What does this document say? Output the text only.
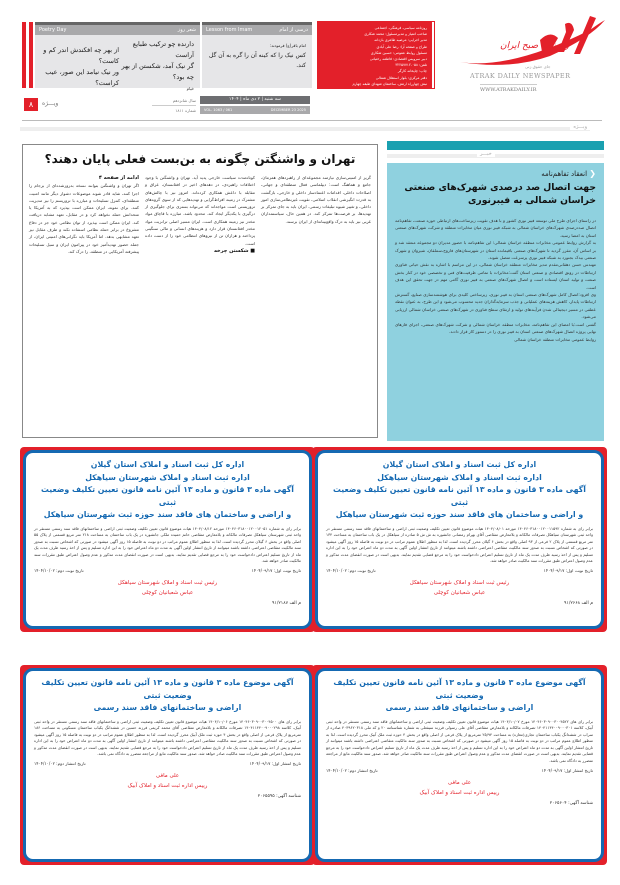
Poetry Day	شعر روز
دارنده چو ترکیب طبایع آراست
گر نیک آمد، شکستن از بهر چه بود؟
خیام
از بهر چه افکندش اندر کم و کاست؟
ور نیک نیامد این صور، عیب کراست؟
Lesson from Imam	درسی از امام
امام باقر(ع) فرمودند:
کس نیک را که کینه آن را گره به آن گل کند.
روزنامه سیاسی، فرهنگی، اجتماعی
صاحب امتیاز و مدیرمسئول: محمد شکاری
مدیر اجرایی: مرضیه طاهری بازدانه
طراح و صفحه آرا: رضا علی آبادی
مسئول روابط عمومی: حسین شکاری
دبیر سرویس اقتصادی: فاطمه رختیانی
تلفن: ۰۵۸-۳۲۲۵۷۷۱۲
چاپ: چاپخانه کارگر
دفتر مرکزی: بلوار استقلال شمالی
نبش چهارراه ارتش، ساختمان شهدای طبقه چهارم
روزنامه صبح ایران
جای حقوق زنی
ATRAK DAILY NEWSPAPER
WWW.ATRAKDAILY.IR
سه شنبه | ۲ دی ماه | ۱۴۰۴
VOL. 1063 / 061	DECEMBER 23 2025
سال شانزدهم
شماره ۱۸۱۱
۸	ویـــژه
ویـــژه
تهران و واشنگتن چگونه به بن‌بست فعلی پایان دهند؟
ادامه از صفحه ۴
اگر تهران و واشنگتن بتوانند نسخه به‌روزشده‌ای از برجام را اجرا کنند، شاید قادر شوند موضوعات دشوار دیگر مانند امنیت منطقه‌ای، کنترل تسلیحات و مبارزه با تروریسم را نیز مدیریت کنند. برای نمونه، ایران ممکن است بپذیرد که به آمریکا یا متحدانش حمله نخواهد کرد و در مقابل، تعهد مشابه دریافت کند. ایران ممکن است بپذیرد از توان نظامی خود جز در دفاع مشروع در برابر حمله نظامی استفاده نکند و طرف مقابل نیز تعهد مشابهی بدهد. اما آمریکا باید نگرانی‌های امنیتی ایران، از جمله حضور تهدیدآمیز خود در پیرامون ایران و سیل تسلیحات پیشرفته آمریکایی در منطقه، را درک کند.
کوتاه‌مدت سیاست خارجی پدید آید. تهران و واشنگتن با وجود اختلافات راهبردی، در دهه‌های اخیر در افغانستان، عراق و مقابله با داعش همکاری کرده‌اند. امروز نیز با چالش‌های مشترک در زمینه افراط‌گرایی و تهدیدهایی که از سوی گروه‌های تروریستی است مواجه‌اند که می‌تواند بستری برای جلوگیری از درگیری با یکدیگر ایجاد کند. محدود باشد. مبارزه با قاچاق مواد مخدر نیز زمینه همکاری است. ایران مسیر اصلی ترانزیت مواد مخدر افغانستان قرار دارد و هزینه‌های انسانی و مالی سنگینی پرداخته و هزاران تن از نیروهای انتظامی خود را از دست داده است.
■ شکستن چرخه
گریز از امنیتی‌سازی نیازمند مجموعه‌ای از راهبردهای همزمان، جامع و هماهنگ است: دیپلماسی فعال منطقه‌ای و جهانی، اصلاحات داخلی، اقدامات اعتمادساز داخلی و خارجی، بازگشت به قدرت انگیزشی انقلاب اسلامی، تقویت غیرنظامی‌سازی امور داخلی، و تغییر شیوه تبلیغات رسمی. ایران باید به جای تمرکز بر تهدیدها، بر فرصت‌ها تمرکز کند. در همین حال، سیاستمداران غربی نیز باید به درک واقع‌بینانه‌ای از ایران برسند.
خبـــر
❮ انعقاد تفاهم‌نامه
جهت اتصال صد درصدی شهرک‌های صنعتی خراسان شمالی به فیبرنوری

در راستای اجرای طرح ملی توسعه فیبر نوری کشور و با هدف تقویت زیرساخت‌های ارتباطی حوزه صنعت، تفاهم‌نامه اتصال صددرصدی شهرک‌های خراسان شمالی به شبکه فیبر نوری میان مخابرات منطقه و شرکت شهرک‌های صنعتی استان به امضا رسید.

به گزارش روابط عمومی مخابرات منطقه خراسان شمالی؛ این تفاهم‌نامه با حضور مدیران دو مجموعه منعقد شد و بر اساس آن، مقرر گردید تا شهرک‌های صنعتی باقیمانده استان در شهرستان‌های فاروج،سملقان، شیروان و شهرک صنعتی بیدک بجنورد به شبکه فیبر نوری پرسرعت متصل شوند.

مهندس حسن دهقانی‌مقدم مدیر مخابرات منطقه خراسان شمالی، در این مراسم با اشاره به نقش حیاتی فناوری ارتباطات در رونق اقتصادی و صنعتی استان گفت:مخابرات با تمامی ظرفیت‌های فنی و تخصصی خود در کنار بخش صنعت و تولید استان ایستاده است و اتصال شهرک‌های صنعتی به فیبر نوری گامی مهم در جهت تحقق این هدف است.

وی افزود:اتصال کامل شهرک‌های صنعتی استان به فیبر نوری، زیرساختی کلیدی برای هوشمندسازی صنایع، گسترش ارتباطات پایدار، کاهش هزینه‌های عملیاتی و جذب سرمایه‌گذاران جدید محسوب می‌شود و این طرح، به عنوان نقطه عطفی در مسیر دیجیتالی شدن فرآیندهای تولید و ارتقای سطح فناوری در شهرک‌های صنعتی خراسان شمالی ارزیابی می‌شود.

گفتنی است:با امضای این تفاهم‌نامه، مخابرات منطقه خراسان شمالی و شرکت شهرک‌های صنعتی، اجرای فازهای نهایی پروژه اتصال شهرک‌های صنعتی استان به فیبر نوری را در دستور کار قرار دادند.

روابط عمومی مخابرات منطقه خراسان شمالی

اداره کل ثبت اسناد و املاک استان گیلان
اداره ثبت اسناد و املاک شهرستان سیاهکل
آگهی ماده ۳ قانون و ماده ۱۳ آئین نامه قانون تعیین تکلیف وضعیت ثبتی
و اراضی و ساختمان های فاقد سند حوزه ثبت شهرستان سیاهکل

برابر رای به شماره ۱۴۰۴۶۰۳۱۸۰۰۱۲۰۰۱۱۵۹۲ مورخه ۱۴۰۴/۰۸/۰۱ هیات موضوع قانون تعیین تکلیف وضعیت ثبتی اراضی و ساختمانهای فاقد سند رسمی مستقر در واحد ثبتی شهرستان سیاهکل تصرفات مالکانه و بلامعارض متقاضی آقای بهرام رمضانی جانشوره به ش ش ۵ صادره از سیاهکل در یک باب ساختمان به مساحت ۱۳۴ متر مربع قسمتی از پلاک ۲ فرعی از ۹۳ اصلی واقع در بخش ۶ گیلان محرز گردیده است. لذا به منظور اطلاع عموم مراتب در دو نوبت به فاصله ۱۵ روز آگهی میشود در صورتی که اشخاص نسبت به صدور سند مالکیت متقاضی اعتراضی داشته باشند میتوانند از تاریخ انتشار اولین آگهی به مدت دو ماه اعتراض خود را به این اداره تسلیم و پس از اخذ رسید ظرف مدت یک ماه از تاریخ تسلیم اعتراض دادخواست خود را به مرجع قضایی تقدیم نمایند. بدیهی است در صورت انقضای مدت مذکور و عدم وصول اعتراض طبق مقررات سند مالکیت صادر خواهد شد.

تاریخ نوبت اول: ۱۴۰۴/۰۹/۱۷
تاریخ نوبت دوم: ۱۴۰۴/۱۰/۰۲
رئیس ثبت اسناد و املاک شهرستان سیاهکل
عباس شعبانیان کوچلی
م الف ۹۱/۲۶۶۸
اداره کل ثبت اسناد و املاک استان گیلان
اداره ثبت اسناد و املاک شهرستان سیاهکل
آگهی ماده ۳ قانون و ماده ۱۳ آئین نامه قانون تعیین تکلیف وضعیت ثبتی
و اراضی و ساختمان های فاقد سند حوزه ثبت شهرستان سیاهکل

برابر رای به شماره ۱۴۰۴۶۰۳۱۸۰۰۱۲۰۰۱۲۰۵۱ مورخه ۱۴۰۴/۰۸/۱۲ هیات موضوع قانون تعیین تکلیف وضعیت ثبتی اراضی و ساختمانهای فاقد سند رسمی مستقر در واحد ثبتی شهرستان سیاهکل تصرفات مالکانه و بلامعارض متقاضی خانم حمیده ملکی جانشوره در یک باب ساختمان به مساحت ۲۱۸ متر مربع قسمتی از پلاک ۵۵ اصلی واقع در بخش ۶ گیلان محرز گردیده است. لذا به منظور اطلاع عموم مراتب در دو نوبت به فاصله ۱۵ روز آگهی میشود در صورتی که اشخاص نسبت به صدور سند مالکیت متقاضی اعتراضی داشته باشند میتوانند از تاریخ انتشار اولین آگهی به مدت دو ماه اعتراض خود را به این اداره تسلیم و پس از اخذ رسید ظرف مدت یک ماه از تاریخ تسلیم اعتراض دادخواست خود را به مرجع قضایی تقدیم نمایند. بدیهی است در صورت انقضای مدت مذکور و عدم وصول اعتراض طبق مقررات سند مالکیت صادر خواهد شد.

تاریخ نوبت اول: ۱۴۰۴/۰۹/۱۷
تاریخ نوبت دوم: ۱۴۰۴/۱۰/۰۲
رئیس ثبت اسناد و املاک شهرستان سیاهکل
عباس شعبانیان کوچلی
م الف ۹۱/۲۱۸۷
آگهی موضوع ماده ۳ قانون و ماده ۱۳ آئین نامه قانون تعیین تکلیف وضعیت ثبتی
اراضی و ساختمانهای فاقد سند رسمی

برابر رای های ۱۴۰۴۶۰۳۰۹۰۰۳۰۰۴۵۲۲ مورخ ۱۴۰۴/۱۰/۰۷ هیات موضوع قانون تعیین تکلیف وضعیت ثبتی اراضی و ساختمانهای فاقد سند رسمی مستقر در واحد ثبتی آبیک، کلاسه ۱۴۰۴۱۱۴۴۰۰۹۰۰۰۳۰۱ تصرفات مالکانه و بلامعارض متقاضی آقای علی رسولی فرزند سیفعلی به شماره شناسنامه ۲۰ و کد ملی ۴۰۳۹۶۲۰۳۱۸ صادره از سراب در ششدانگ یکباب ساختمان تجاری(مغازه) به مساحت ۲۵/۹۴ مترمربع از پلاک فرعی از اصلی واقع در بخش ۴ حوزه ثبت ملک آبیک محرز گردیده است. لذا به منظور اطلاع عموم مراتب در دو نوبت به فاصله ۱۵ روز آگهی میشود در صورتی که اشخاص نسبت به صدور سند مالکیت متقاضی اعتراضی داشته باشند میتوانند از تاریخ انتشار اولین آگهی به مدت دو ماه اعتراض خود را به این اداره تسلیم و پس از اخذ رسید ظرف مدت یک ماه از تاریخ تسلیم اعتراض دادخواست خود را به مرجع قضایی تقدیم نمایند. بدیهی است در صورت انقضای مدت مذکور و عدم وصول اعتراض طبق مقررات سند مالکیت صادر خواهد شد. صدور سند مالکیت مانع از مراجعه متضرر به دادگاه نمی باشد.

تاریخ انتشار اول: ۱۴۰۴/۰۹/۱۷
تاریخ انتشار دوم: ۱۴۰۴/۱۰/۰۲
علی مافی
رییس اداره ثبت اسناد و املاک آبیک
شناسه آگهی: ۲۰۶۵۶۰۴
آگهی موضوع ماده ۳ قانون و ماده ۱۳ آئین نامه قانون تعیین تکلیف وضعیت ثبتی
اراضی و ساختمانهای فاقد سند رسمی

برابر رای های ۱۴۰۴۶۰۳۰۹۰۰۳۰۰۴۵۰۰ مورخ ۱۴۰۴/۱۰/۰۶ هیات موضوع قانون تعیین تکلیف وضعیت ثبتی اراضی و ساختمانهای فاقد سند رسمی مستقر در واحد ثبتی آبیک، کلاسه ۱۴۰۴۱۱۴۴۰۰۹۰۰۰۲۹۸ تصرفات مالکانه و بلامعارض متقاضی آقای محمد کریمی فرزند حسین در ششدانگ یکباب ساختمان مسکونی به مساحت ۱۸۶ مترمربع از پلاک فرعی از اصلی واقع در بخش ۴ حوزه ثبت ملک آبیک محرز گردیده است. لذا به منظور اطلاع عموم مراتب در دو نوبت به فاصله ۱۵ روز آگهی میشود در صورتی که اشخاص نسبت به صدور سند مالکیت متقاضی اعتراضی داشته باشند میتوانند از تاریخ انتشار اولین آگهی به مدت دو ماه اعتراض خود را به این اداره تسلیم و پس از اخذ رسید ظرف مدت یک ماه از تاریخ تسلیم اعتراض دادخواست خود را به مرجع قضایی تقدیم نمایند. بدیهی است در صورت انقضای مدت مذکور و عدم وصول اعتراض طبق مقررات سند مالکیت صادر خواهد شد. صدور سند مالکیت مانع از مراجعه متضرر به دادگاه نمی باشد.

تاریخ انتشار اول: ۱۴۰۴/۰۹/۱۷
تاریخ انتشار دوم: ۱۴۰۴/۱۰/۰۲
علی مافی
رییس اداره ثبت اسناد و املاک آبیک
شناسه آگهی: ۲۰۶۵۵۹۵
